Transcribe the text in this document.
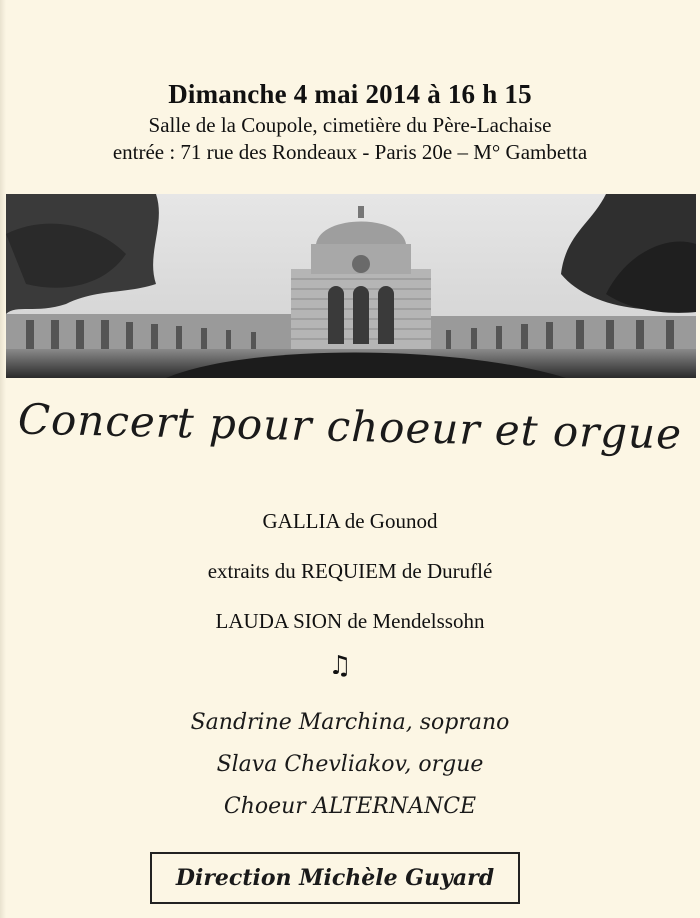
Dimanche 4 mai 2014 à 16 h 15

Salle de la Coupole, cimetière du Père-Lachaise

entrée : 71 rue des Rondeaux - Paris 20e – M° Gambetta

Concert pour choeur et orgue

GALLIA de Gounod

extraits du REQUIEM de Duruflé

LAUDA SION de Mendelssohn

♫

Sandrine Marchina, soprano

Slava Chevliakov, orgue

Choeur ALTERNANCE

Direction Michèle Guyard
